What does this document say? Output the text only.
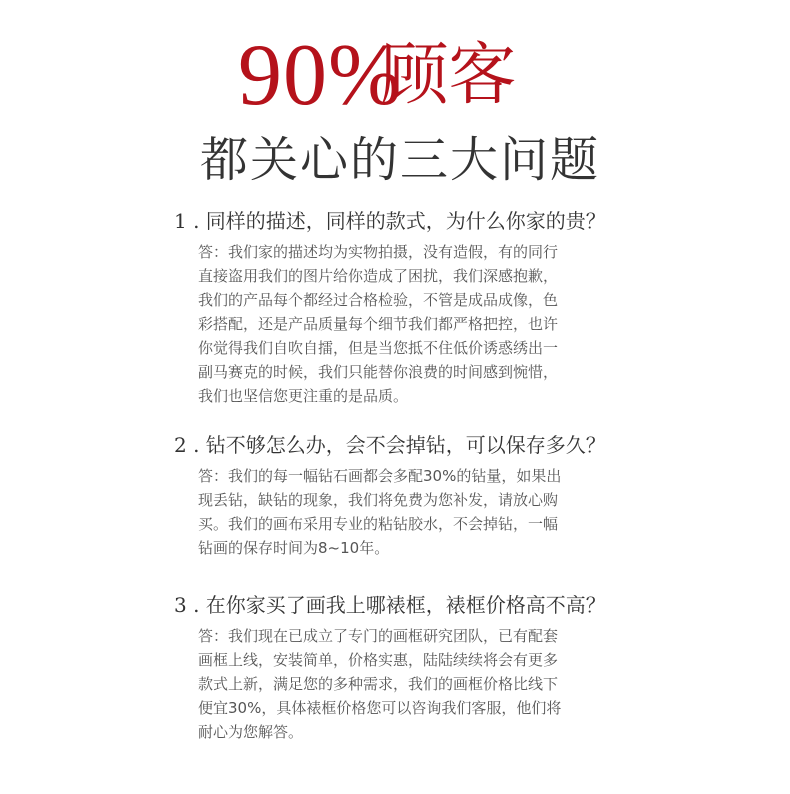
90%顾客
都关心的三大问题
1 . 同样的描述，同样的款式，为什么你家的贵？
答：我们家的描述均为实物拍摄，没有造假，有的同行
直接盗用我们的图片给你造成了困扰，我们深感抱歉，
我们的产品每个都经过合格检验，不管是成品成像，色
彩搭配，还是产品质量每个细节我们都严格把控，也许
你觉得我们自吹自擂，但是当您抵不住低价诱惑绣出一
副马赛克的时候，我们只能替你浪费的时间感到惋惜，
我们也坚信您更注重的是品质。
2 . 钻不够怎么办，会不会掉钻，可以保存多久？
答：我们的每一幅钻石画都会多配30%的钻量，如果出
现丢钻，缺钻的现象，我们将免费为您补发，请放心购
买。我们的画布采用专业的粘钻胶水，不会掉钻，一幅
钻画的保存时间为8~10年。
3 . 在你家买了画我上哪裱框，裱框价格高不高？
答：我们现在已成立了专门的画框研究团队，已有配套
画框上线，安装简单，价格实惠，陆陆续续将会有更多
款式上新，满足您的多种需求，我们的画框价格比线下
便宜30%，具体裱框价格您可以咨询我们客服，他们将
耐心为您解答。
